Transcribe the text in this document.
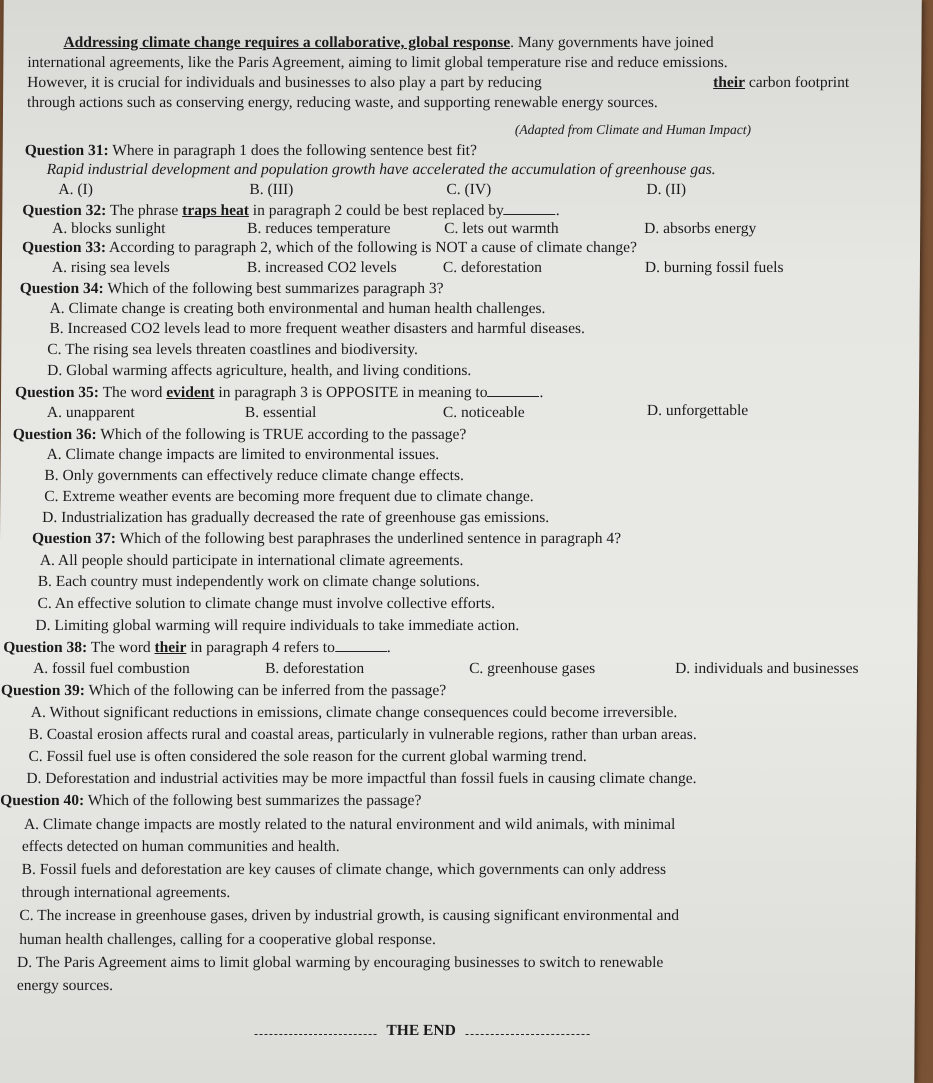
Addressing climate change requires a collaborative, global response. Many governments have joined
international agreements, like the Paris Agreement, aiming to limit global temperature rise and reduce emissions.
However, it is crucial for individuals and businesses to also play a part by reducing	their carbon footprint
through actions such as conserving energy, reducing waste, and supporting renewable energy sources.
(Adapted from Climate and Human Impact)
Question 31: Where in paragraph 1 does the following sentence best fit?
Rapid industrial development and population growth have accelerated the accumulation of greenhouse gas.
A. (I)	B. (III)	C. (IV)	D. (II)
Question 32: The phrase traps heat in paragraph 2 could be best replaced by	.
A. blocks sunlight	B. reduces temperature	C. lets out warmth	D. absorbs energy
Question 33: According to paragraph 2, which of the following is NOT a cause of climate change?
A. rising sea levels	B. increased CO2 levels	C. deforestation	D. burning fossil fuels
Question 34: Which of the following best summarizes paragraph 3?
A. Climate change is creating both environmental and human health challenges.
B. Increased CO2 levels lead to more frequent weather disasters and harmful diseases.
C. The rising sea levels threaten coastlines and biodiversity.
D. Global warming affects agriculture, health, and living conditions.
Question 35: The word evident in paragraph 3 is OPPOSITE in meaning to	.
A. unapparent	B. essential	C. noticeable	D. unforgettable
Question 36: Which of the following is TRUE according to the passage?
A. Climate change impacts are limited to environmental issues.
B. Only governments can effectively reduce climate change effects.
C. Extreme weather events are becoming more frequent due to climate change.
D. Industrialization has gradually decreased the rate of greenhouse gas emissions.
Question 37: Which of the following best paraphrases the underlined sentence in paragraph 4?
A. All people should participate in international climate agreements.
B. Each country must independently work on climate change solutions.
C. An effective solution to climate change must involve collective efforts.
D. Limiting global warming will require individuals to take immediate action.
Question 38: The word their in paragraph 4 refers to	.
A. fossil fuel combustion	B. deforestation	C. greenhouse gases	D. individuals and businesses
Question 39: Which of the following can be inferred from the passage?
A. Without significant reductions in emissions, climate change consequences could become irreversible.
B. Coastal erosion affects rural and coastal areas, particularly in vulnerable regions, rather than urban areas.
C. Fossil fuel use is often considered the sole reason for the current global warming trend.
D. Deforestation and industrial activities may be more impactful than fossil fuels in causing climate change.
Question 40: Which of the following best summarizes the passage?
A. Climate change impacts are mostly related to the natural environment and wild animals, with minimal
effects detected on human communities and health.
B. Fossil fuels and deforestation are key causes of climate change, which governments can only address
through international agreements.
C. The increase in greenhouse gases, driven by industrial growth, is causing significant environmental and
human health challenges, calling for a cooperative global response.
D. The Paris Agreement aims to limit global warming by encouraging businesses to switch to renewable
energy sources.
THE END
